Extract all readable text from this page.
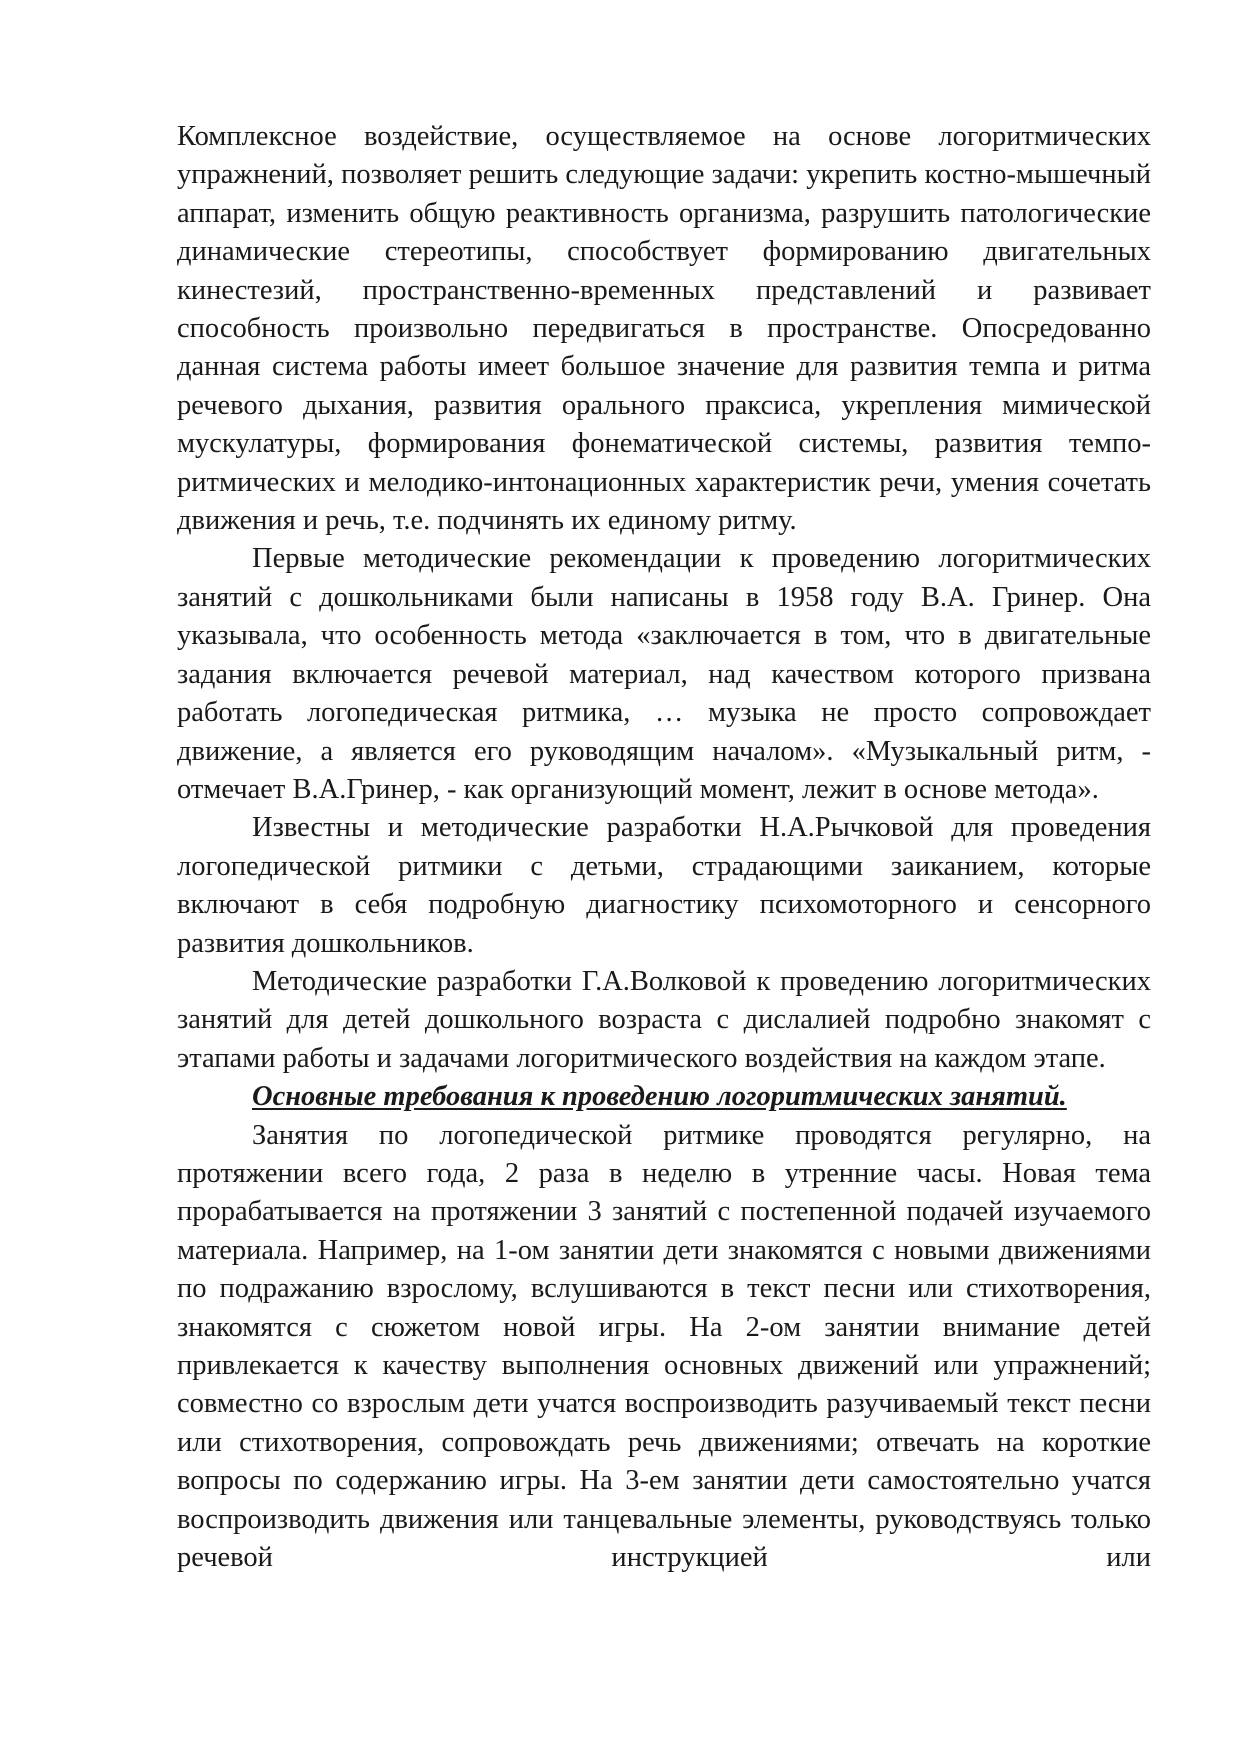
Комплексное воздействие, осуществляемое на основе логоритмических упражнений, позволяет решить следующие задачи: укрепить костно-мышечный аппарат, изменить общую реактивность организма, разрушить патологические динамические стереотипы, способствует формированию двигательных кинестезий, пространственно-временных представлений и развивает способность произвольно передвигаться в пространстве. Опосредованно данная система работы имеет большое значение для развития темпа и ритма речевого дыхания, развития орального праксиса, укрепления мимической мускулатуры, формирования фонематической системы, развития темпо-ритмических и мелодико-интонационных характеристик речи, умения сочетать движения и речь, т.е. подчинять их единому ритму.

Первые методические рекомендации к проведению логоритмических занятий с дошкольниками были написаны в 1958 году В.А. Гринер. Она указывала, что особенность метода «заключается в том, что в двигательные задания включается речевой материал, над качеством которого призвана работать логопедическая ритмика, … музыка не просто сопровождает движение, а является его руководящим началом». «Музыкальный ритм, - отмечает В.А.Гринер, - как организующий момент, лежит в основе метода».

Известны и методические разработки Н.А.Рычковой для проведения логопедической ритмики с детьми, страдающими заиканием, которые включают в себя подробную диагностику психомоторного и сенсорного развития дошкольников.

Методические разработки Г.А.Волковой к проведению логоритмических занятий для детей дошкольного возраста с дислалией подробно знакомят с этапами работы и задачами логоритмического воздействия на каждом этапе.

Основные требования к проведению логоритмических занятий.

Занятия по логопедической ритмике проводятся регулярно, на протяжении всего года, 2 раза в неделю в утренние часы. Новая тема прорабатывается на протяжении 3 занятий с постепенной подачей изучаемого материала. Например, на 1-ом занятии дети знакомятся с новыми движениями по подражанию взрослому, вслушиваются в текст песни или стихотворения, знакомятся с сюжетом новой игры. На 2-ом занятии внимание детей привлекается к качеству выполнения основных движений или упражнений; совместно со взрослым дети учатся воспроизводить разучиваемый текст песни или стихотворения, сопровождать речь движениями; отвечать на короткие вопросы по содержанию игры. На 3-ем занятии дети самостоятельно учатся воспроизводить движения или танцевальные элементы, руководствуясь только речевой инструкцией или
